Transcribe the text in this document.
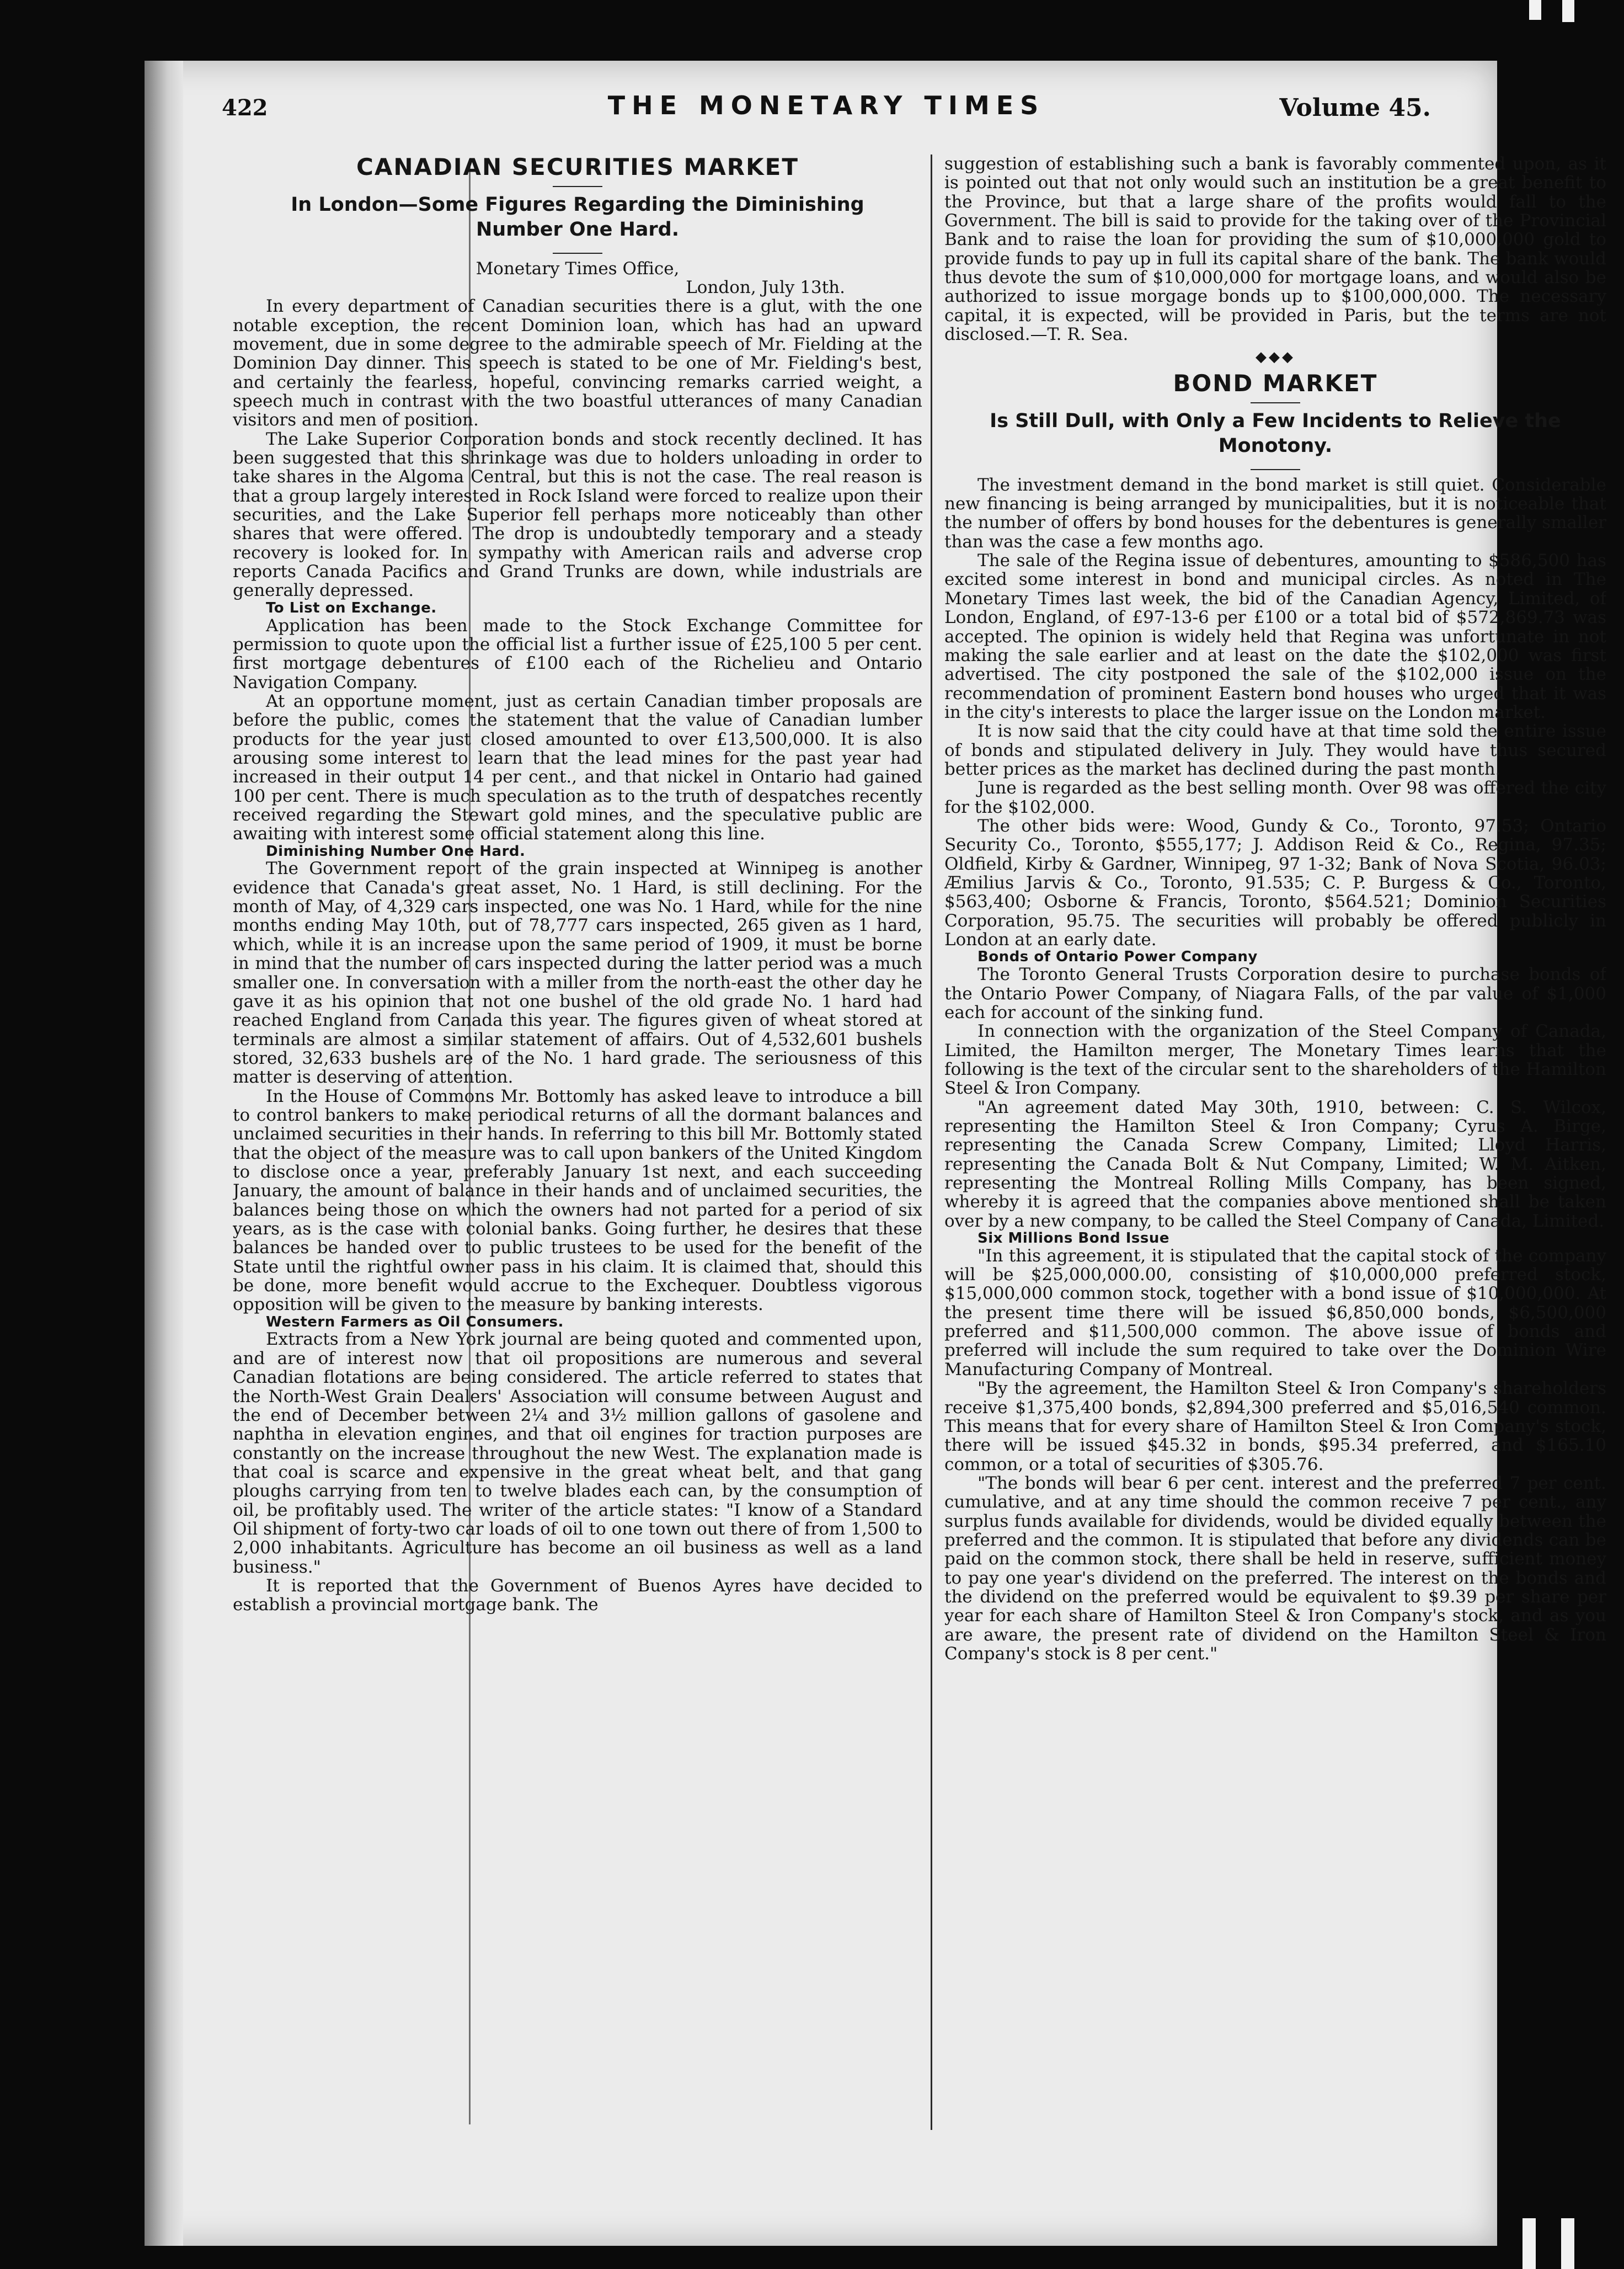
422	THE MONETARY TIMES	Volume 45.
CANADIAN SECURITIES MARKET
In London—Some Figures Regarding the Diminishing Number One Hard.

Monetary Times Office,

London, July 13th.

In every department of Canadian securities there is a glut, with the one notable exception, the recent Dominion loan, which has had an upward movement, due in some degree to the admirable speech of Mr. Fielding at the Dominion Day dinner. This speech is stated to be one of Mr. Fielding's best, and certainly the fearless, hopeful, convincing remarks carried weight, a speech much in contrast with the two boastful utterances of many Canadian visitors and men of position.

The Lake Superior Corporation bonds and stock recently declined. It has been suggested that this shrinkage was due to holders unloading in order to take shares in the Algoma Central, but this is not the case. The real reason is that a group largely interested in Rock Island were forced to realize upon their securities, and the Lake Superior fell perhaps more noticeably than other shares that were offered. The drop is undoubtedly temporary and a steady recovery is looked for. In sympathy with American rails and adverse crop reports Canada Pacifics and Grand Trunks are down, while industrials are generally depressed.

To List on Exchange.

Application has been made to the Stock Exchange Committee for permission to quote upon the official list a further issue of £25,100 5 per cent. first mortgage debentures of £100 each of the Richelieu and Ontario Navigation Company.

At an opportune moment, just as certain Canadian timber proposals are before the public, comes the statement that the value of Canadian lumber products for the year just closed amounted to over £13,500,000. It is also arousing some interest to learn that the lead mines for the past year had increased in their output 14 per cent., and that nickel in Ontario had gained 100 per cent. There is much speculation as to the truth of despatches recently received regarding the Stewart gold mines, and the speculative public are awaiting with interest some official statement along this line.

Diminishing Number One Hard.

The Government report of the grain inspected at Winnipeg is another evidence that Canada's great asset, No. 1 Hard, is still declining. For the month of May, of 4,329 cars inspected, one was No. 1 Hard, while for the nine months ending May 10th, out of 78,777 cars inspected, 265 given as 1 hard, which, while it is an increase upon the same period of 1909, it must be borne in mind that the number of cars inspected during the latter period was a much smaller one. In conversation with a miller from the north-east the other day he gave it as his opinion that not one bushel of the old grade No. 1 hard had reached England from Canada this year. The figures given of wheat stored at terminals are almost a similar statement of affairs. Out of 4,532,601 bushels stored, 32,633 bushels are of the No. 1 hard grade. The seriousness of this matter is deserving of attention.

In the House of Commons Mr. Bottomly has asked leave to introduce a bill to control bankers to make periodical returns of all the dormant balances and unclaimed securities in their hands. In referring to this bill Mr. Bottomly stated that the object of the measure was to call upon bankers of the United Kingdom to disclose once a year, preferably January 1st next, and each succeeding January, the amount of balance in their hands and of unclaimed securities, the balances being those on which the owners had not parted for a period of six years, as is the case with colonial banks. Going further, he desires that these balances be handed over to public trustees to be used for the benefit of the State until the rightful owner pass in his claim. It is claimed that, should this be done, more benefit would accrue to the Exchequer. Doubtless vigorous opposition will be given to the measure by banking interests.

Western Farmers as Oil Consumers.

Extracts from a New York journal are being quoted and commented upon, and are of interest now that oil propositions are numerous and several Canadian flotations are being considered. The article referred to states that the North-West Grain Dealers' Association will consume between August and the end of December between 2¼ and 3½ million gallons of gasolene and naphtha in elevation engines, and that oil engines for traction purposes are constantly on the increase throughout the new West. The explanation made is that coal is scarce and expensive in the great wheat belt, and that gang ploughs carrying from ten to twelve blades each can, by the consumption of oil, be profitably used. The writer of the article states: "I know of a Standard Oil shipment of forty-two car loads of oil to one town out there of from 1,500 to 2,000 inhabitants. Agriculture has become an oil business as well as a land business."

It is reported that the Government of Buenos Ayres have decided to establish a provincial mortgage bank. The

suggestion of establishing such a bank is favorably commented upon, as it is pointed out that not only would such an institution be a great benefit to the Province, but that a large share of the profits would fall to the Government. The bill is said to provide for the taking over of the Provincial Bank and to raise the loan for providing the sum of $10,000,000 gold to provide funds to pay up in full its capital share of the bank. The bank would thus devote the sum of $10,000,000 for mortgage loans, and would also be authorized to issue morgage bonds up to $100,000,000. The necessary capital, it is expected, will be provided in Paris, but the terms are not disclosed.—T. R. Sea.

◆◆◆
BOND MARKET
Is Still Dull, with Only a Few Incidents to Relieve the Monotony.

The investment demand in the bond market is still quiet. Considerable new financing is being arranged by municipalities, but it is noticeable that the number of offers by bond houses for the debentures is generally smaller than was the case a few months ago.

The sale of the Regina issue of debentures, amounting to $586,500 has excited some interest in bond and municipal circles. As noted in The Monetary Times last week, the bid of the Canadian Agency, Limited, of London, England, of £97-13-6 per £100 or a total bid of $572,869.73 was accepted. The opinion is widely held that Regina was unfortunate in not making the sale earlier and at least on the date the $102,000 was first advertised. The city postponed the sale of the $102,000 issue on the recommendation of prominent Eastern bond houses who urged that it was in the city's interests to place the larger issue on the London market.

It is now said that the city could have at that time sold the entire issue of bonds and stipulated delivery in July. They would have thus secured better prices as the market has declined during the past month.

June is regarded as the best selling month. Over 98 was offered the city for the $102,000.

The other bids were: Wood, Gundy & Co., Toronto, 97.53; Ontario Security Co., Toronto, $555,177; J. Addison Reid & Co., Regina, 97.35; Oldfield, Kirby & Gardner, Winnipeg, 97 1-32; Bank of Nova Scotia, 96.03; Æmilius Jarvis & Co., Toronto, 91.535; C. P. Burgess & Co., Toronto, $563,400; Osborne & Francis, Toronto, $564.521; Dominion Securities Corporation, 95.75. The securities will probably be offered publicly in London at an early date.

Bonds of Ontario Power Company

The Toronto General Trusts Corporation desire to purchase bonds of the Ontario Power Company, of Niagara Falls, of the par value of $1,000 each for account of the sinking fund.

In connection with the organization of the Steel Company of Canada, Limited, the Hamilton merger, The Monetary Times learns that the following is the text of the circular sent to the shareholders of the Hamilton Steel & Iron Company.

"An agreement dated May 30th, 1910, between: C. S. Wilcox, representing the Hamilton Steel & Iron Company; Cyrus A. Birge, representing the Canada Screw Company, Limited; Lloyd Harris, representing the Canada Bolt & Nut Company, Limited; W. M. Aitken, representing the Montreal Rolling Mills Company, has been signed, whereby it is agreed that the companies above mentioned shall be taken over by a new company, to be called the Steel Company of Canada, Limited.

Six Millions Bond Issue

"In this agreement, it is stipulated that the capital stock of the company will be $25,000,000.00, consisting of $10,000,000 preferred stock, $15,000,000 common stock, together with a bond issue of $10,000,000. At the present time there will be issued $6,850,000 bonds, $6,500,000 preferred and $11,500,000 common. The above issue of bonds and preferred will include the sum required to take over the Dominion Wire Manufacturing Company of Montreal.

"By the agreement, the Hamilton Steel & Iron Company's shareholders receive $1,375,400 bonds, $2,894,300 preferred and $5,016,540 common. This means that for every share of Hamilton Steel & Iron Company's stock, there will be issued $45.32 in bonds, $95.34 preferred, and $165.10 common, or a total of securities of $305.76.

"The bonds will bear 6 per cent. interest and the preferred 7 per cent. cumulative, and at any time should the common receive 7 per cent., any surplus funds available for dividends, would be divided equally between the preferred and the common. It is stipulated that before any dividends can be paid on the common stock, there shall be held in reserve, sufficient money to pay one year's dividend on the preferred. The interest on the bonds and the dividend on the preferred would be equivalent to $9.39 per share per year for each share of Hamilton Steel & Iron Company's stock, and as you are aware, the present rate of dividend on the Hamilton Steel & Iron Company's stock is 8 per cent."
